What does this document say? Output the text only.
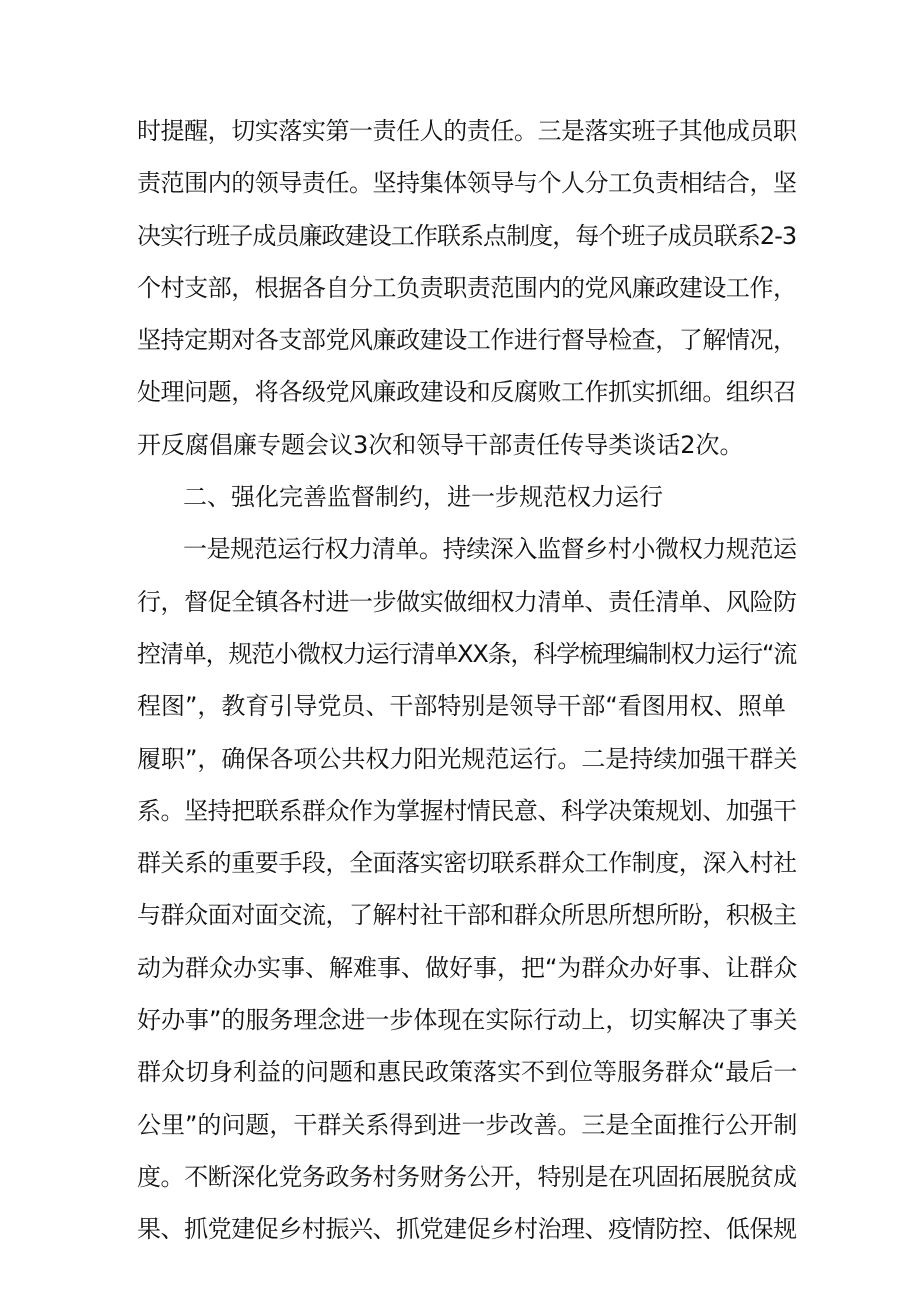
时提醒，切实落实第一责任人的责任。三是落实班子其他成员职
责范围内的领导责任。坚持集体领导与个人分工负责相结合，坚
决实行班子成员廉政建设工作联系点制度，每个班子成员联系2-3
个村支部，根据各自分工负责职责范围内的党风廉政建设工作，
坚持定期对各支部党风廉政建设工作进行督导检查，了解情况，
处理问题，将各级党风廉政建设和反腐败工作抓实抓细。组织召
开反腐倡廉专题会议3次和领导干部责任传导类谈话2次。
二、强化完善监督制约，进一步规范权力运行
一是规范运行权力清单。持续深入监督乡村小微权力规范运
行，督促全镇各村进一步做实做细权力清单、责任清单、风险防
控清单，规范小微权力运行清单XX条，科学梳理编制权力运行“流
程图”，教育引导党员、干部特别是领导干部“看图用权、照单
履职”，确保各项公共权力阳光规范运行。二是持续加强干群关
系。坚持把联系群众作为掌握村情民意、科学决策规划、加强干
群关系的重要手段，全面落实密切联系群众工作制度，深入村社
与群众面对面交流，了解村社干部和群众所思所想所盼，积极主
动为群众办实事、解难事、做好事，把“为群众办好事、让群众
好办事”的服务理念进一步体现在实际行动上，切实解决了事关
群众切身利益的问题和惠民政策落实不到位等服务群众“最后一
公里”的问题，干群关系得到进一步改善。三是全面推行公开制
度。不断深化党务政务村务财务公开，特别是在巩固拓展脱贫成
果、抓党建促乡村振兴、抓党建促乡村治理、疫情防控、低保规
